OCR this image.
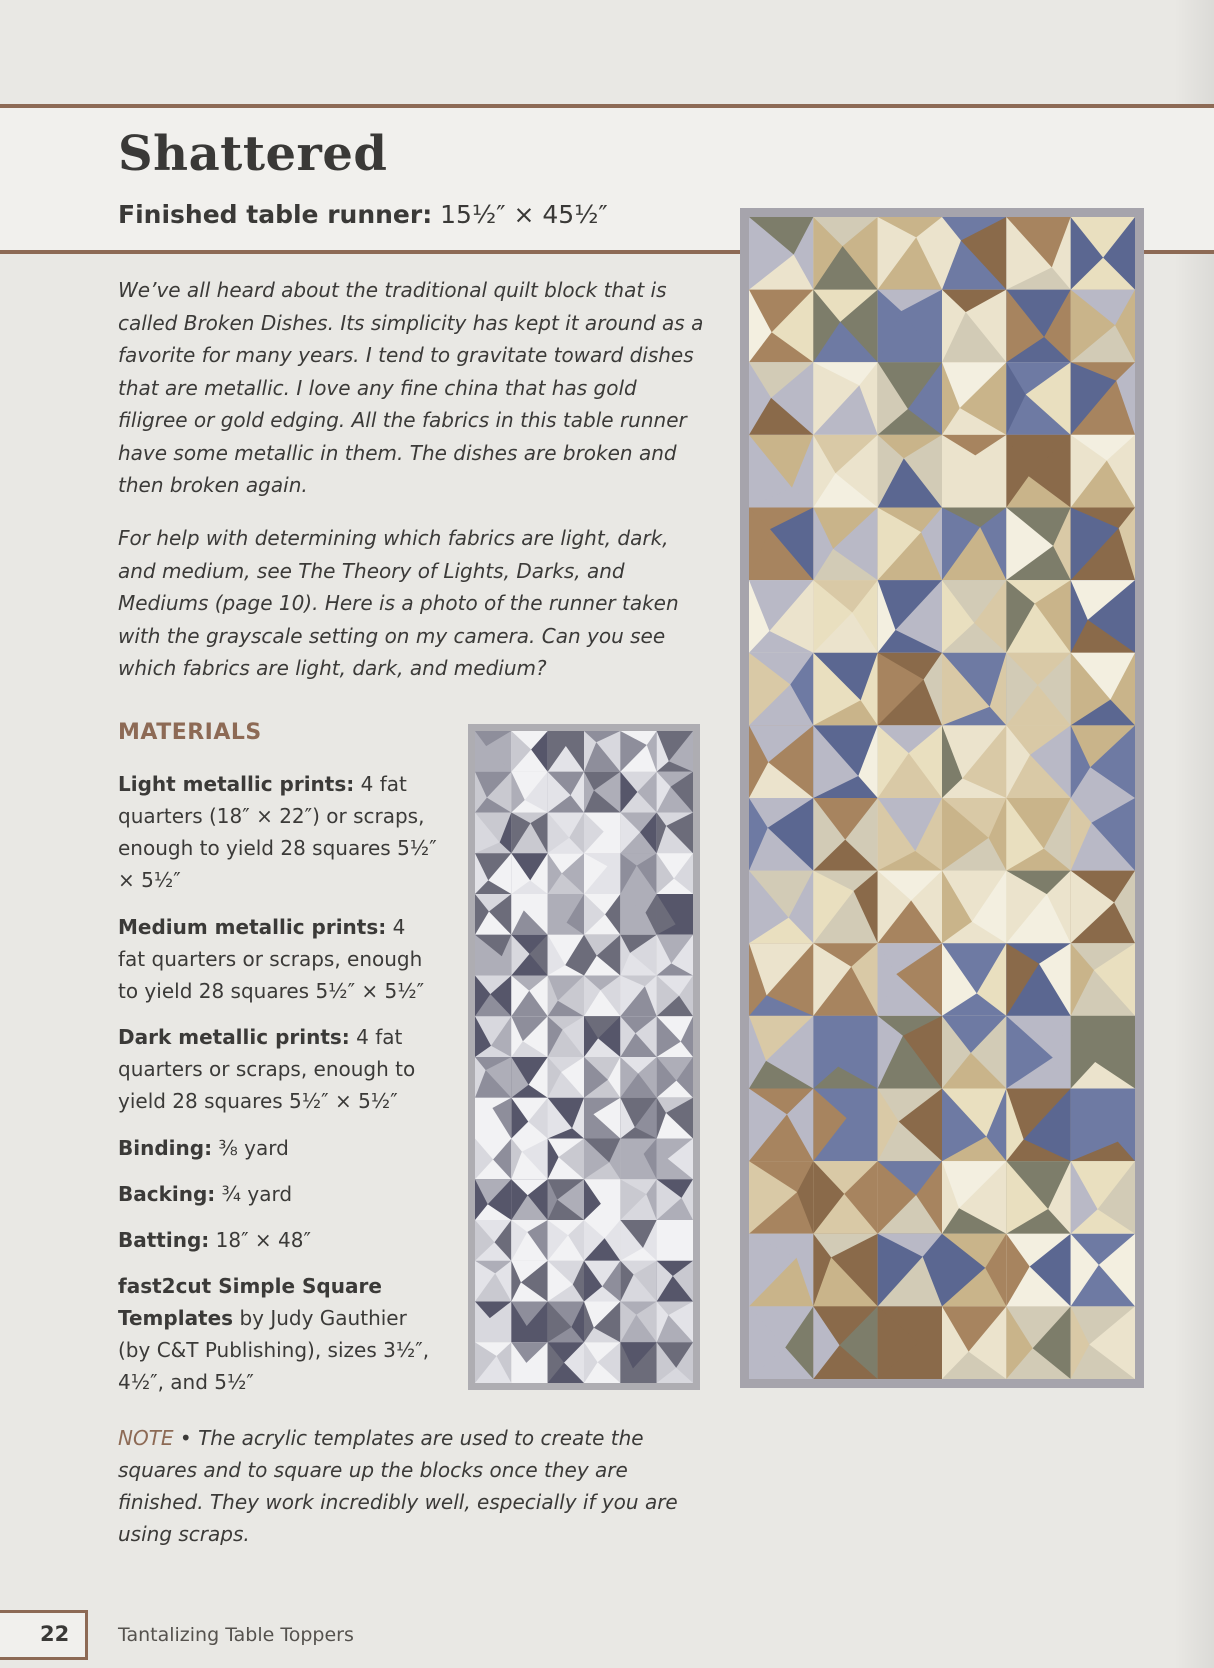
Shattered

Finished table runner: 15½″ × 45½″

We’ve all heard about the traditional quilt block that is called Broken Dishes. Its simplicity has kept it around as a favorite for many years. I tend to gravitate toward dishes that are metallic. I love any fine china that has gold filigree or gold edging. All the fabrics in this table runner have some metallic in them. The dishes are broken and then broken again.

For help with determining which fabrics are light, dark, and medium, see The Theory of Lights, Darks, and Mediums (page 10). Here is a photo of the runner taken with the grayscale setting on my camera. Can you see which fabrics are light, dark, and medium?

MATERIALS

Light metallic prints: 4 fat quarters (18″ × 22″) or scraps, enough to yield 28 squares 5½″ × 5½″

Medium metallic prints: 4 fat quarters or scraps, enough to yield 28 squares 5½″ × 5½″

Dark metallic prints: 4 fat quarters or scraps, enough to yield 28 squares 5½″ × 5½″

Binding: ⅜ yard

Backing: ¾ yard

Batting: 18″ × 48″

fast2cut Simple Square Templates by Judy Gauthier (by C&T Publishing), sizes 3½″, 4½″, and 5½″

NOTE • The acrylic templates are used to create the squares and to square up the blocks once they are finished. They work incredibly well, especially if you are using scraps.

22	Tantalizing Table Toppers
